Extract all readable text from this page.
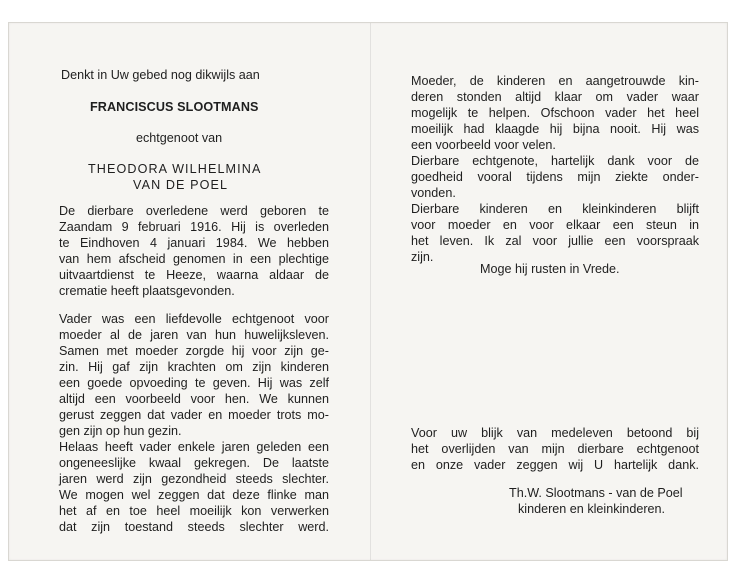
Denkt in Uw gebed nog dikwijls aan
FRANCISCUS SLOOTMANS
echtgenoot van
THEODORA WILHELMINA
VAN DE POEL
De dierbare overledene werd geboren te
Zaandam 9 februari 1916. Hij is overleden
te Eindhoven 4 januari 1984. We hebben
van hem afscheid genomen in een plechtige
uitvaartdienst te Heeze, waarna aldaar de
crematie heeft plaatsgevonden.
Vader was een liefdevolle echtgenoot voor
moeder al de jaren van hun huwelijksleven.
Samen met moeder zorgde hij voor zijn ge-
zin. Hij gaf zijn krachten om zijn kinderen
een goede opvoeding te geven. Hij was zelf
altijd een voorbeeld voor hen. We kunnen
gerust zeggen dat vader en moeder trots mo-
gen zijn op hun gezin.
Helaas heeft vader enkele jaren geleden een
ongeneeslijke kwaal gekregen. De laatste
jaren werd zijn gezondheid steeds slechter.
We mogen wel zeggen dat deze flinke man
het af en toe heel moeilijk kon verwerken
dat zijn toestand steeds slechter werd.
Moeder, de kinderen en aangetrouwde kin-
deren stonden altijd klaar om vader waar
mogelijk te helpen. Ofschoon vader het heel
moeilijk had klaagde hij bijna nooit. Hij was
een voorbeeld voor velen.
Dierbare echtgenote, hartelijk dank voor de
goedheid vooral tijdens mijn ziekte onder-
vonden.
Dierbare kinderen en kleinkinderen blijft
voor moeder en voor elkaar een steun in
het leven. Ik zal voor jullie een voorspraak
zijn.
Moge hij rusten in Vrede.
Voor uw blijk van medeleven betoond bij
het overlijden van mijn dierbare echtgenoot
en onze vader zeggen wij U hartelijk dank.
Th.W. Slootmans - van de Poel
kinderen en kleinkinderen.
